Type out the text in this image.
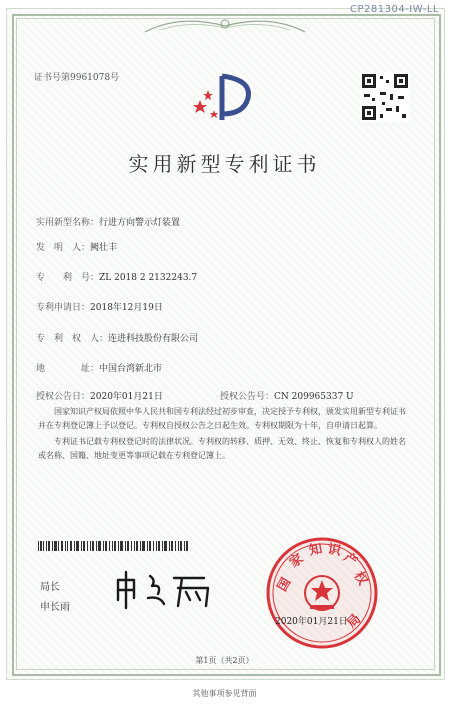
CP281304-IW-LL
证书号第9961078号
实用新型专利证书
实用新型名称：行进方向警示灯装置
发　明　人：阙壮丰
专　　利　号：ZL 2018 2 2132243.7
专利申请日：2018年12月19日
专　利　权　人：连进科技股份有限公司
地　　　　址：中国台湾新北市
授权公告日：2020年01月21日	授权公告号：CN 209965337 U

国家知识产权局依照中华人民共和国专利法经过初步审查，决定授予专利权，颁发实用新型专利证书并在专利登记簿上予以登记。专利权自授权公告之日起生效。专利权期限为十年，自申请日起算。

专利证书记载专利权登记时的法律状况。专利权的转移、质押、无效、终止、恢复和专利权人的姓名或名称、国籍、地址变更等事项记载在专利登记簿上。

局长
申长雨
国
家
知 识
产
权
局
2020年01月21日
第1页（共2页）
其他事项参见背面
